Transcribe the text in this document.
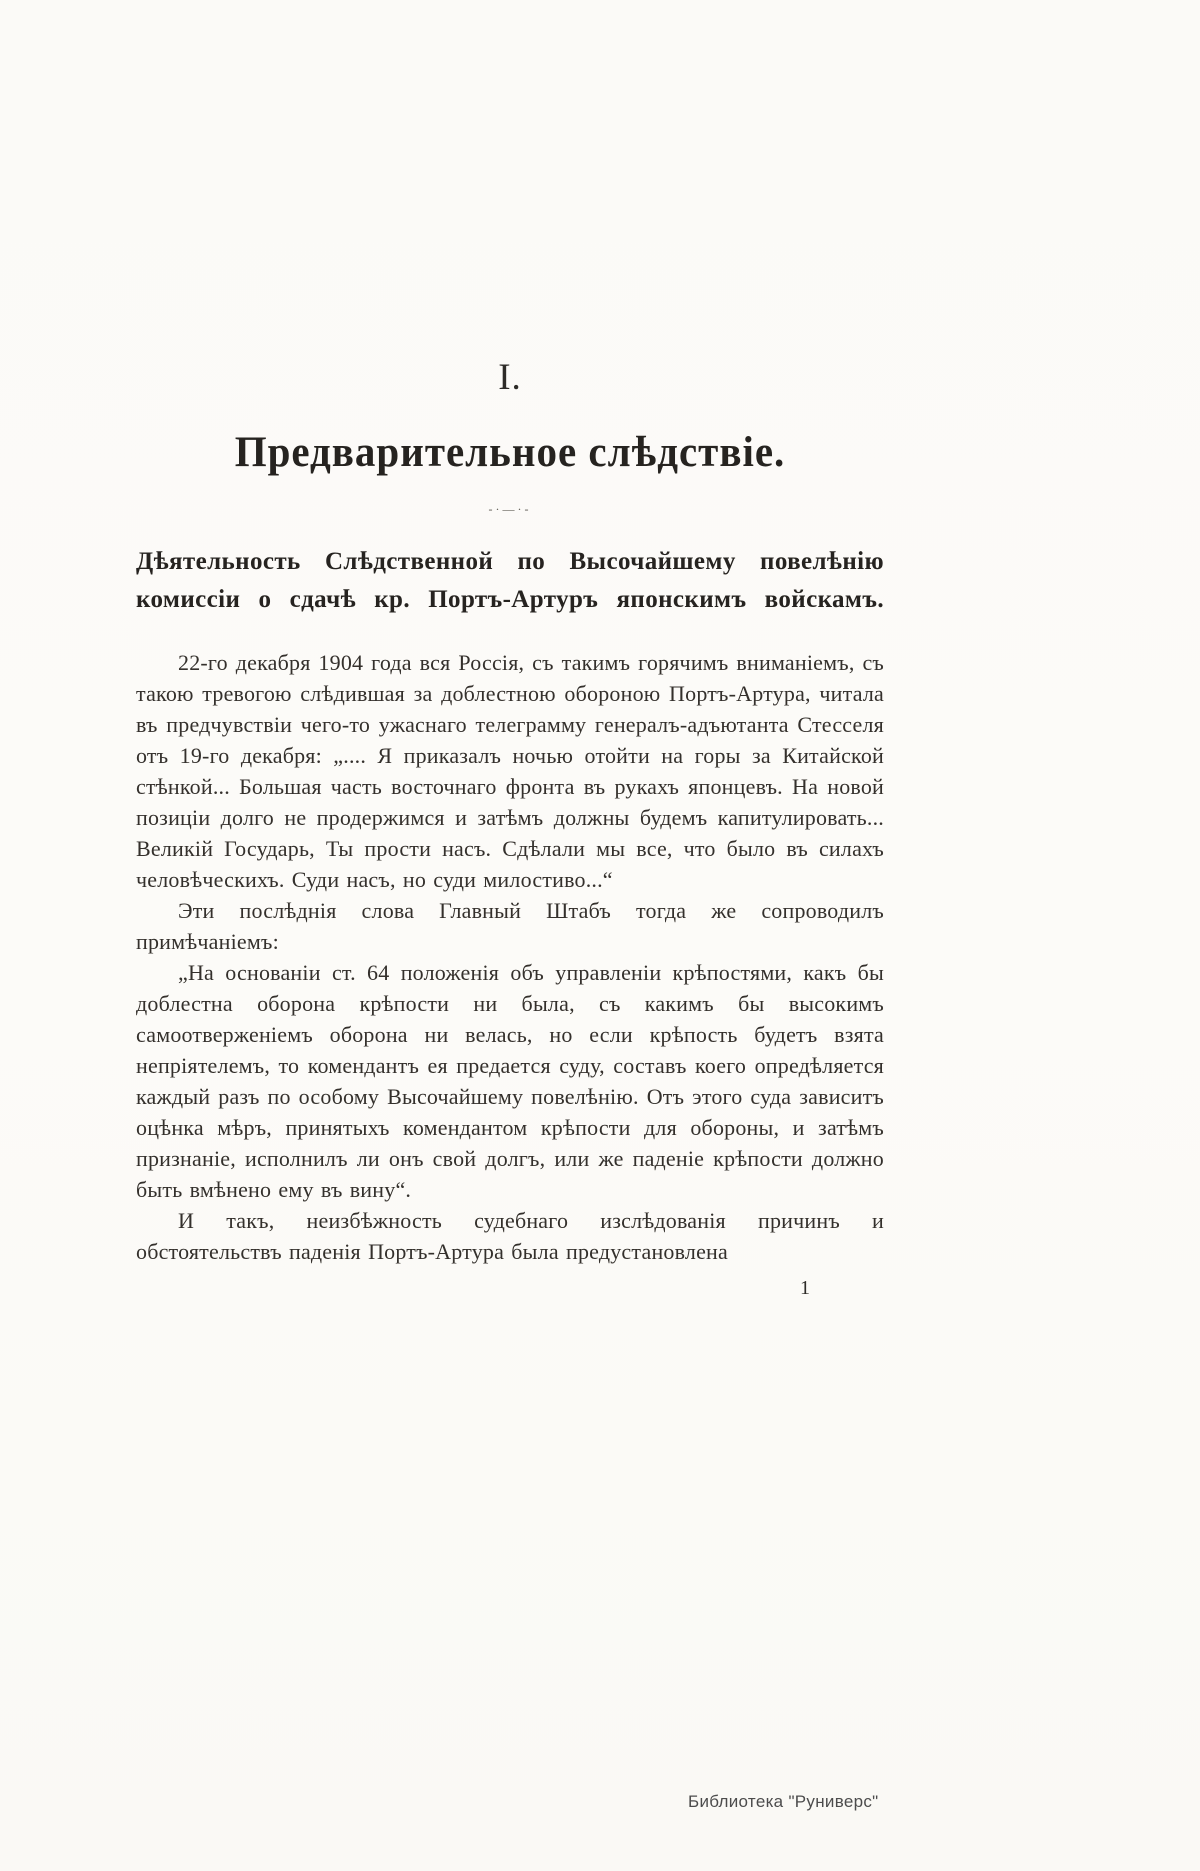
I.
Предварительное слѣдствіе.
-·—·-
Дѣятельность Слѣдственной по Высочайшему повелѣнію комиссіи о сдачѣ кр. Портъ-Артуръ японскимъ войскамъ.

22-го декабря 1904 года вся Россія, съ такимъ горячимъ вниманіемъ, съ такою тревогою слѣдившая за доблестною обороною Портъ-Артура, читала въ предчувствіи чего-то ужаснаго телеграмму генералъ-адъютанта Стесселя отъ 19-го декабря: „.... Я приказалъ ночью отойти на горы за Китайской стѣнкой... Большая часть восточнаго фронта въ рукахъ японцевъ. На новой позиціи долго не продержимся и затѣмъ должны будемъ капитулировать... Великій Государь, Ты прости насъ. Сдѣлали мы все, что было въ силахъ человѣческихъ. Суди насъ, но суди милостиво...“

Эти послѣднія слова Главный Штабъ тогда же сопроводилъ примѣчаніемъ:

„На основаніи ст. 64 положенія объ управленіи крѣпостями, какъ бы доблестна оборона крѣпости ни была, съ какимъ бы высокимъ самоотверженіемъ оборона ни велась, но если крѣпость будетъ взята непріятелемъ, то комендантъ ея предается суду, составъ коего опредѣляется каждый разъ по особому Высочайшему повелѣнію. Отъ этого суда зависитъ оцѣнка мѣръ, принятыхъ комендантом крѣпости для обороны, и затѣмъ признаніе, исполнилъ ли онъ свой долгъ, или же паденіе крѣпости должно быть вмѣнено ему въ вину“.

И такъ, неизбѣжность судебнаго изслѣдованія причинъ и обстоятельствъ паденія Портъ-Артура была предустановлена

1
Библиотека "Руниверс"
